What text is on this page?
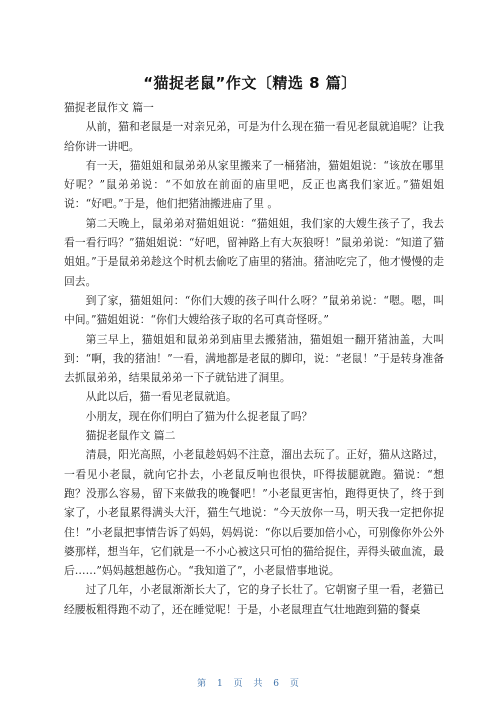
“猫捉老鼠”作文〔精选 8 篇〕

猫捉老鼠作文 篇一

从前，猫和老鼠是一对亲兄弟，可是为什么现在猫一看见老鼠就追呢？让我给你讲一讲吧。

有一天，猫姐姐和鼠弟弟从家里搬来了一桶猪油，猫姐姐说：“该放在哪里好呢？”鼠弟弟说：“不如放在前面的庙里吧，反正也离我们家近。”猫姐姐说：“好吧。”于是，他们把猪油搬进庙了里 。

第二天晚上，鼠弟弟对猫姐姐说：“猫姐姐，我们家的大嫂生孩子了，我去看一看行吗？”猫姐姐说：“好吧，留神路上有大灰狼呀！”鼠弟弟说：“知道了猫姐姐。”于是鼠弟弟趁这个时机去偷吃了庙里的猪油。猪油吃完了，他才慢慢的走回去。

到了家，猫姐姐问：“你们大嫂的孩子叫什么呀？”鼠弟弟说：“嗯。嗯，叫中间。”猫姐姐说：“你们大嫂给孩子取的名可真奇怪呀。”

第三早上，猫姐姐和鼠弟弟到庙里去搬猪油，猫姐姐一翻开猪油盖，大叫到：“啊，我的猪油！”一看，满地都是老鼠的脚印，说：“老鼠！”于是转身准备去抓鼠弟弟，结果鼠弟弟一下子就钻进了洞里。

从此以后，猫一看见老鼠就追。

小朋友，现在你们明白了猫为什么捉老鼠了吗？

猫捉老鼠作文 篇二

清晨，阳光高照，小老鼠趁妈妈不注意，溜出去玩了。正好，猫从这路过，一看见小老鼠，就向它扑去，小老鼠反响也很快，吓得拔腿就跑。猫说：“想跑？没那么容易，留下来做我的晚餐吧！”小老鼠更害怕，跑得更快了，终于到家了，小老鼠累得满头大汗，猫生气地说：“今天放你一马，明天我一定把你捉住！”小老鼠把事情告诉了妈妈，妈妈说：“你以后要加倍小心，可别像你外公外婆那样，想当年，它们就是一不小心被这只可怕的猫给捉住，弄得头破血流，最后……”妈妈越想越伤心。“我知道了”，小老鼠惜事地说。

过了几年，小老鼠渐渐长大了，它的身子长壮了。它朝窗子里一看，老猫已经腰板粗得跑不动了，还在睡觉呢！于是，小老鼠理直气壮地跑到猫的餐桌

第 1 页 共 6 页
